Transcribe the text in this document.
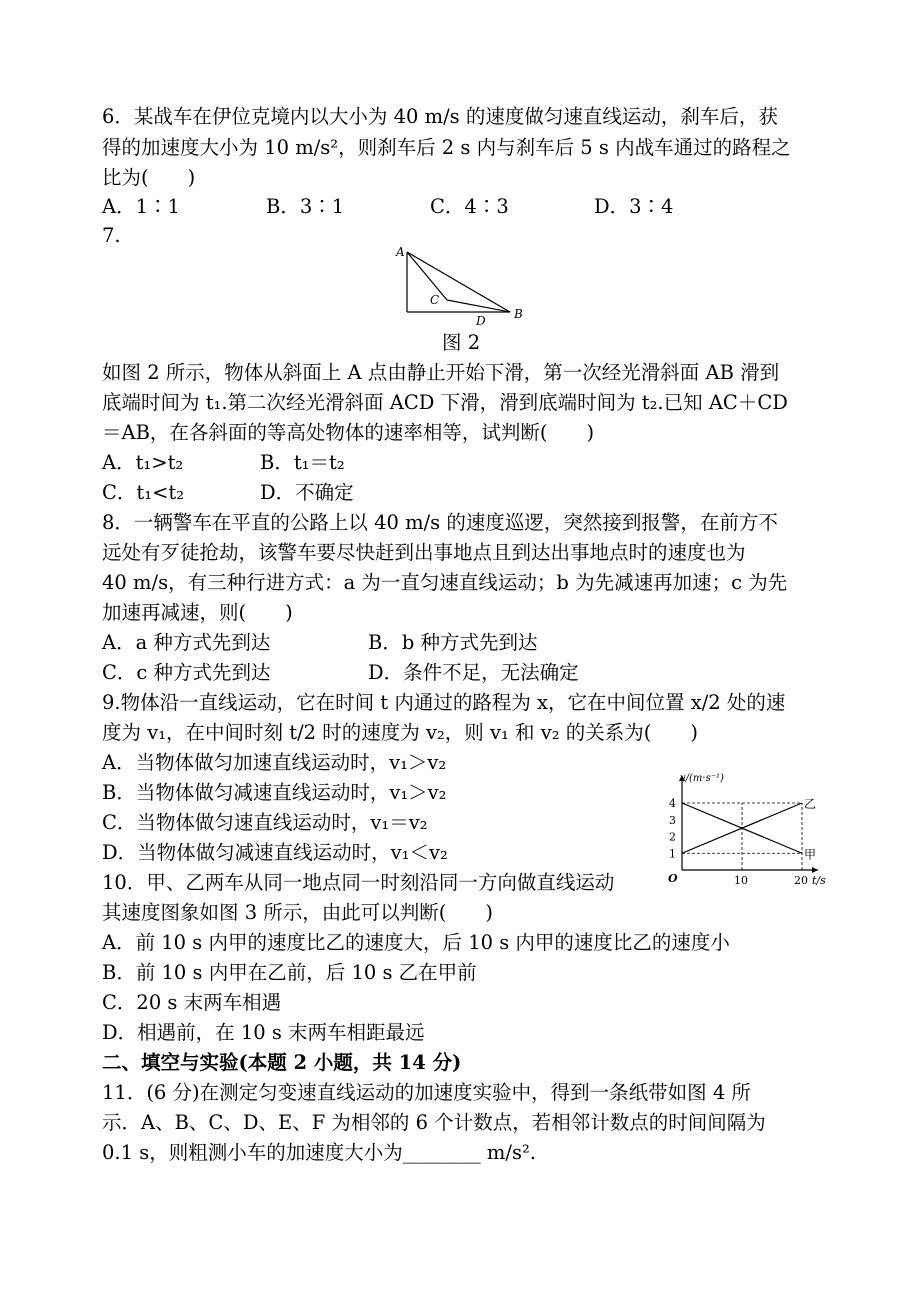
6．某战车在伊位克境内以大小为 40 m/s 的速度做匀速直线运动，刹车后，获
得的加速度大小为 10 m/s²，则刹车后 2 s 内与刹车后 5 s 内战车通过的路程之
比为(　　)
A．1∶1	B．3∶1	C．4∶3	D．3∶4
7.
A
C
D B
图 2
如图 2 所示，物体从斜面上 A 点由静止开始下滑，第一次经光滑斜面 AB 滑到
底端时间为 t₁.第二次经光滑斜面 ACD 下滑，滑到底端时间为 t₂.已知 AC＋CD
＝AB，在各斜面的等高处物体的速率相等，试判断(　　)
A．t₁>t₂	B．t₁＝t₂
C．t₁<t₂	D．不确定
8．一辆警车在平直的公路上以 40 m/s 的速度巡逻，突然接到报警，在前方不
远处有歹徒抢劫，该警车要尽快赶到出事地点且到达出事地点时的速度也为
40 m/s，有三种行进方式：a 为一直匀速直线运动；b 为先减速再加速；c 为先
加速再减速，则(　　)
A．a 种方式先到达	B．b 种方式先到达
C．c 种方式先到达	D．条件不足，无法确定
9.物体沿一直线运动，它在时间 t 内通过的路程为 x，它在中间位置 x/2 处的速
度为 v₁，在中间时刻 t/2 时的速度为 v₂，则 v₁ 和 v₂ 的关系为(　　)
A．当物体做匀加速直线运动时，v₁＞v₂
B．当物体做匀减速直线运动时，v₁＞v₂
C．当物体做匀速直线运动时，v₁＝v₂
D．当物体做匀减速直线运动时，v₁＜v₂
10．甲、乙两车从同一地点同一时刻沿同一方向做直线运动
其速度图象如图 3 所示，由此可以判断(　　)
A．前 10 s 内甲的速度比乙的速度大，后 10 s 内甲的速度比乙的速度小
B．前 10 s 内甲在乙前，后 10 s 乙在甲前
C．20 s 末两车相遇
D．相遇前，在 10 s 末两车相距最远
二、填空与实验(本题 2 小题，共 14 分)
11．(6 分)在测定匀变速直线运动的加速度实验中，得到一条纸带如图 4 所
示．A、B、C、D、E、F 为相邻的 6 个计数点，若相邻计数点的时间间隔为
0.1 s，则粗测小车的加速度大小为________ m/s².
v/(m·s⁻¹)
t/s
O
1
2
3
4
10	20
甲
乙
